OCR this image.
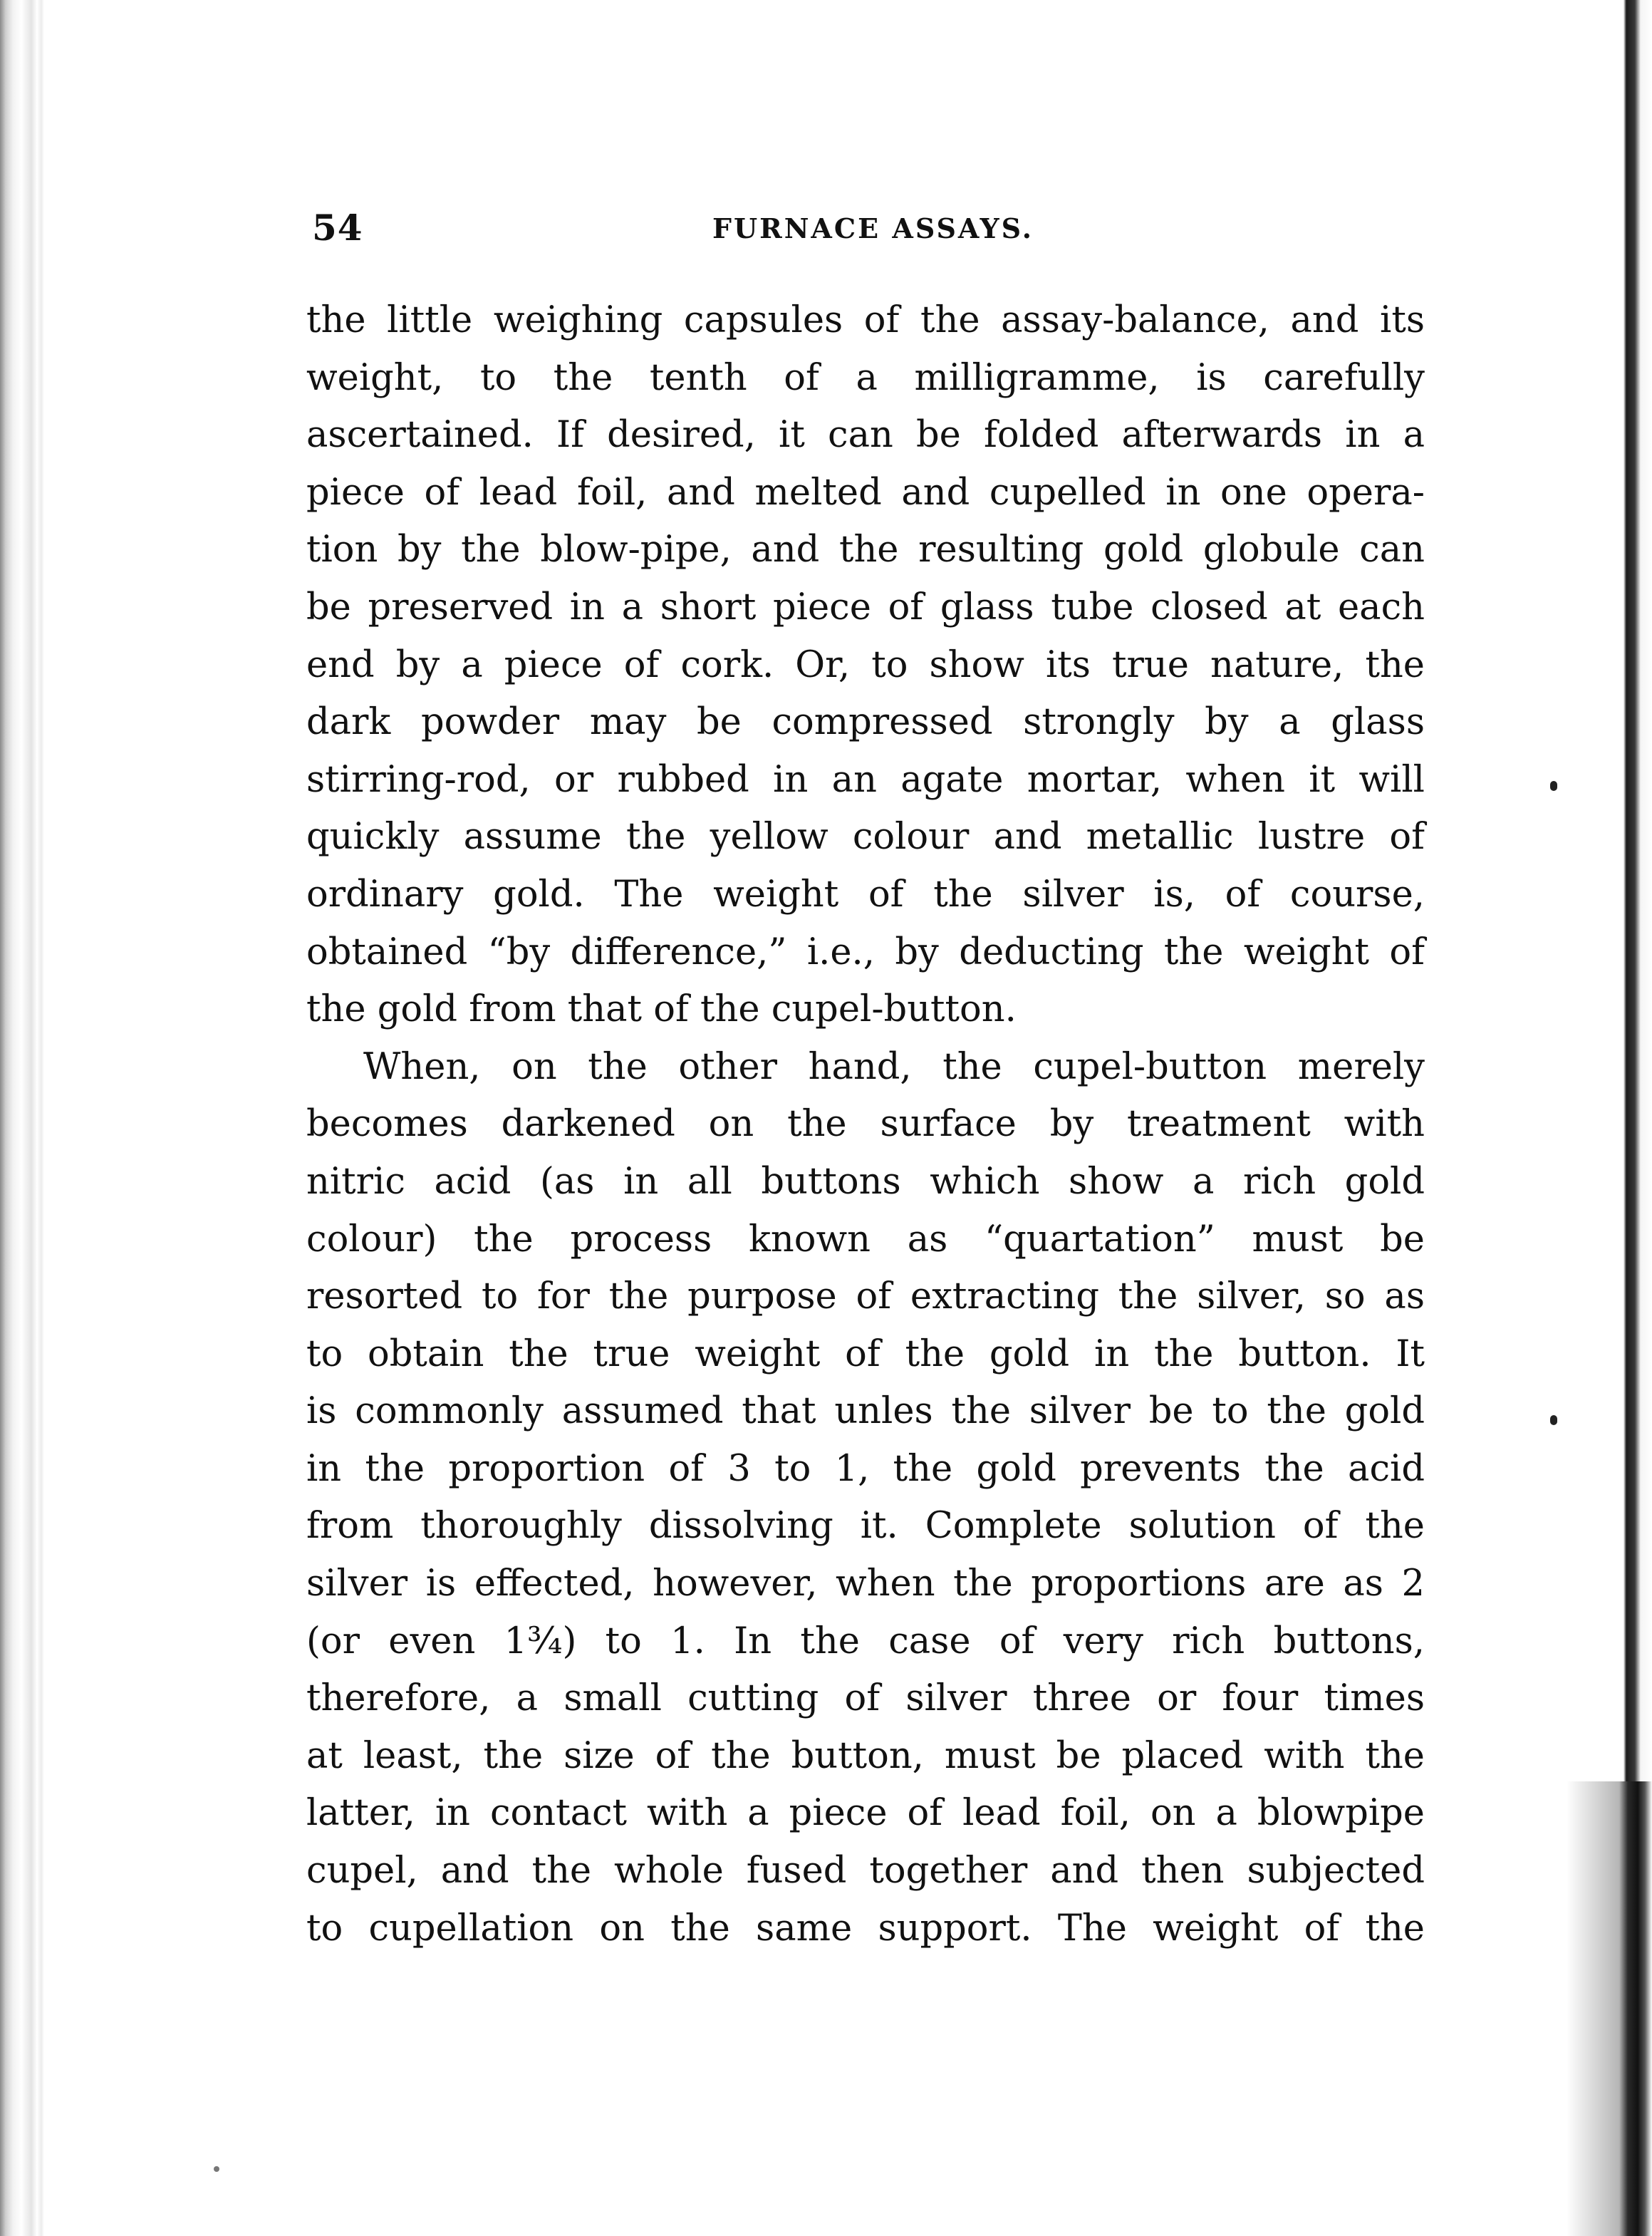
54	FURNACE ASSAYS.
the little weighing capsules of the assay-balance, and its
weight, to the tenth of a milligramme, is carefully
ascertained. If desired, it can be folded afterwards in a
piece of lead foil, and melted and cupelled in one opera-
tion by the blow-pipe, and the resulting gold globule can
be preserved in a short piece of glass tube closed at each
end by a piece of cork. Or, to show its true nature, the
dark powder may be compressed strongly by a glass
stirring-rod, or rubbed in an agate mortar, when it will
quickly assume the yellow colour and metallic lustre of
ordinary gold. The weight of the silver is, of course,
obtained “by difference,” i.e., by deducting the weight of
the gold from that of the cupel-button.
When, on the other hand, the cupel-button merely
becomes darkened on the surface by treatment with
nitric acid (as in all buttons which show a rich gold
colour) the process known as “quartation” must be
resorted to for the purpose of extracting the silver, so as
to obtain the true weight of the gold in the button. It
is commonly assumed that unles the silver be to the gold
in the proportion of 3 to 1, the gold prevents the acid
from thoroughly dissolving it. Complete solution of the
silver is effected, however, when the proportions are as 2
(or even 1¾) to 1. In the case of very rich buttons,
therefore, a small cutting of silver three or four times
at least, the size of the button, must be placed with the
latter, in contact with a piece of lead foil, on a blowpipe
cupel, and the whole fused together and then subjected
to cupellation on the same support. The weight of the
